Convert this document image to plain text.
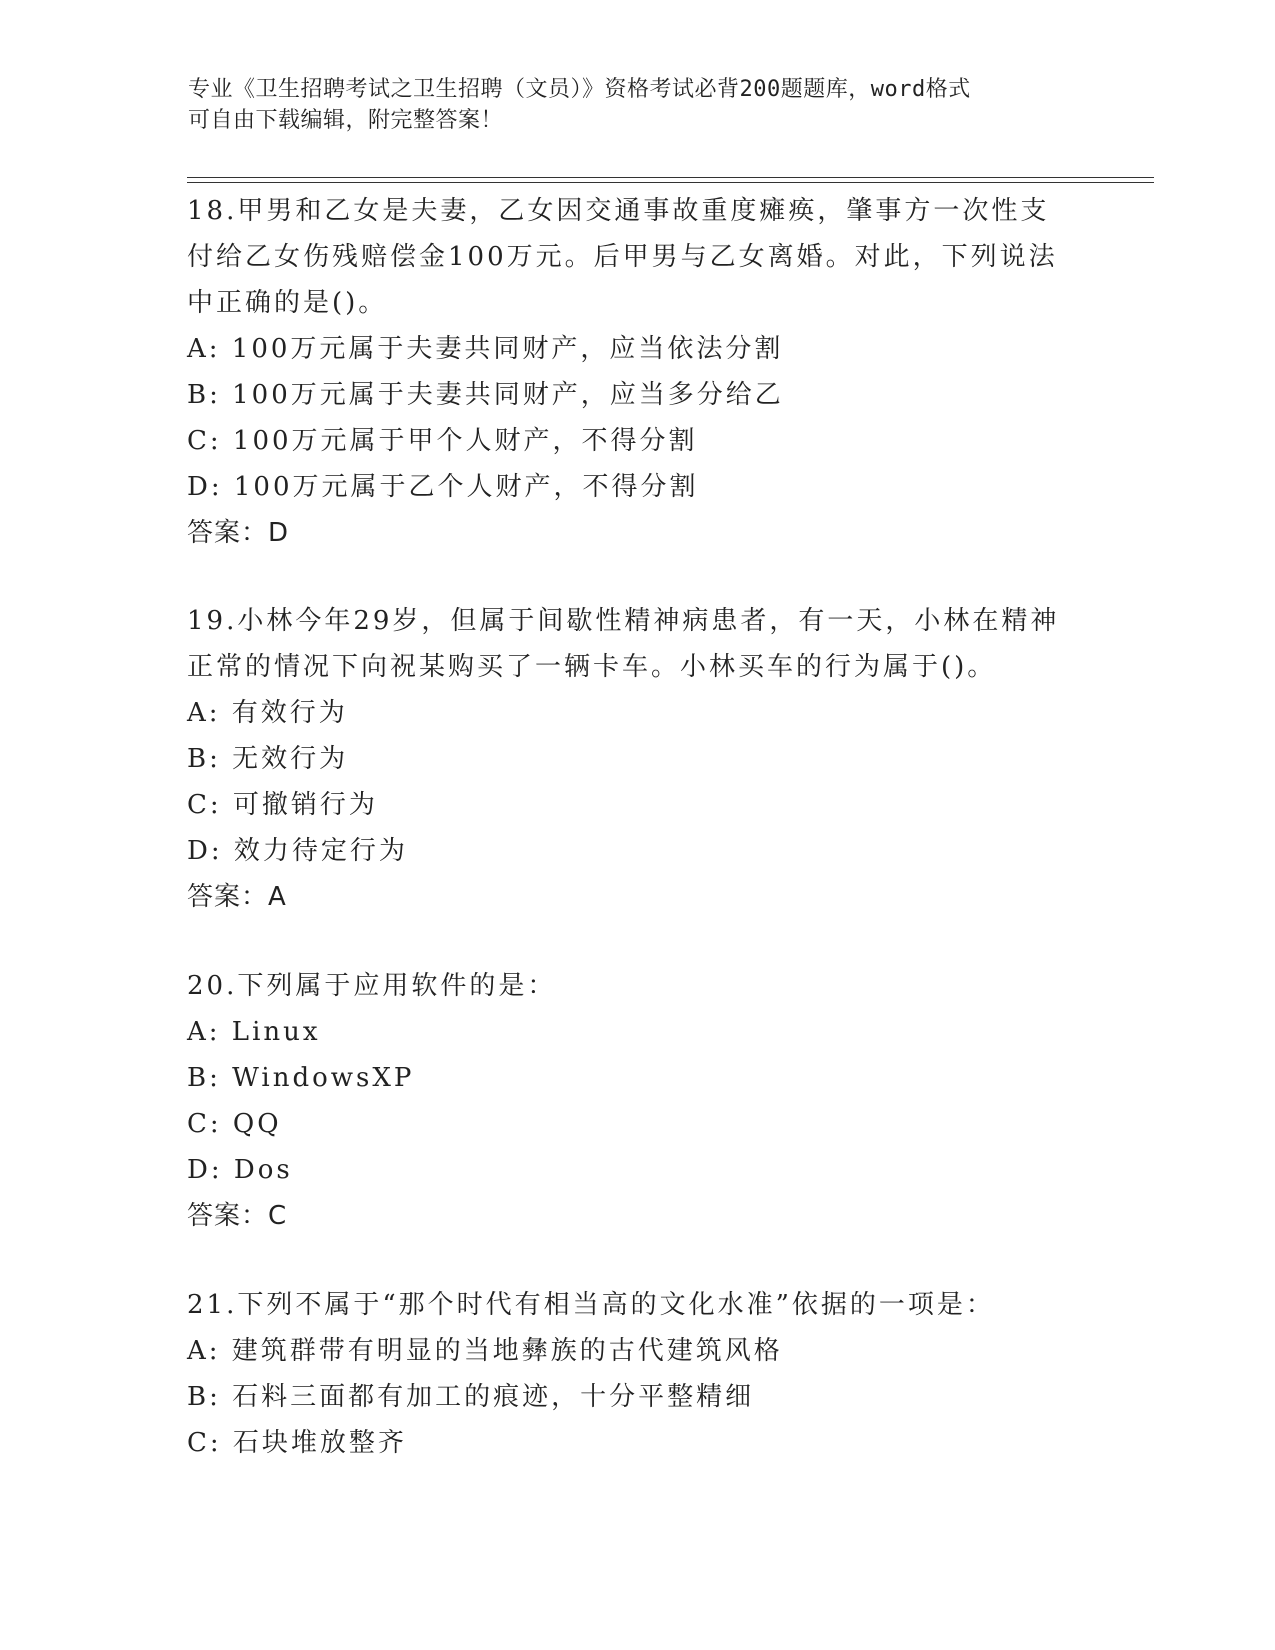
专业《卫生招聘考试之卫生招聘（文员）》资格考试必背200题题库，word格式
可自由下载编辑，附完整答案！

18.甲男和乙女是夫妻，乙女因交通事故重度瘫痪，肇事方一次性支付给乙女伤残赔偿金100万元。后甲男与乙女离婚。对此，下列说法中正确的是()。

A: 100万元属于夫妻共同财产，应当依法分割

B: 100万元属于夫妻共同财产，应当多分给乙

C: 100万元属于甲个人财产，不得分割

D: 100万元属于乙个人财产，不得分割

答案：D

19.小林今年29岁，但属于间歇性精神病患者，有一天，小林在精神正常的情况下向祝某购买了一辆卡车。小林买车的行为属于()。

A: 有效行为

B: 无效行为

C: 可撤销行为

D: 效力待定行为

答案：A

20.下列属于应用软件的是：

A: Linux

B: WindowsXP

C: QQ

D: Dos

答案：C

21.下列不属于“那个时代有相当高的文化水准”依据的一项是：

A: 建筑群带有明显的当地彝族的古代建筑风格

B: 石料三面都有加工的痕迹，十分平整精细

C: 石块堆放整齐
